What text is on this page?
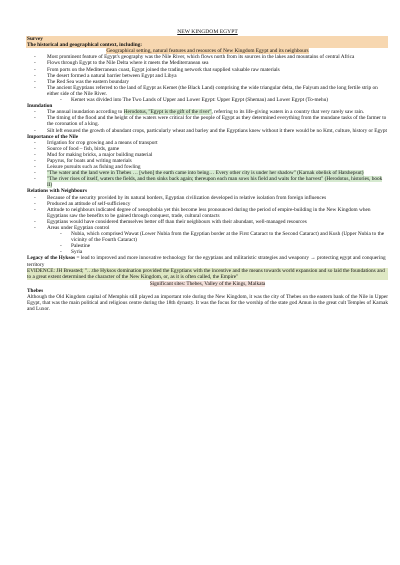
NEW KINGDOM EGYPT
Survey
The historical and geographical context, including:
Geographical setting, natural features and resources of New Kingdom Egypt and its neighbours
- Most prominent feature of Egypt's geography was the Nile River, which flows north from its sources in the lakes and mountains of central Africa
- Flows through Egypt to the Nile Delta where it meets the Mediterranean sea
- From ports on the Mediterranean coast, Egypt joined the trading network that supplied valuable raw materials
- The desert formed a natural barrier between Egypt and Libya
- The Red Sea was the eastern boundary
- The ancient Egyptians referred to the land of Egypt as Kemet (the Black Land) comprising the wide triangular delta, the Faiyum and the long fertile strip on either side of the Nile River.
- Kemet was divided into The Two Lands of Upper and Lower Egypt: Upper Egypt (Shemau) and Lower Egypt (To-mehu)
Inundation
- The annual inundation according to Herodotus, "Egypt is the gift of the river", referring to its life-giving waters in a country that very rarely saw rain.
- The timing of the flood and the height of the waters were critical for the people of Egypt as they determined everything from the mundane tasks of the farmer to the coronation of a king.
- Silt left ensured the growth of abundant crops, particularly wheat and barley and the Egyptians knew without it there would be no Kmt, culture, history or Egypt
Importance of the Nile
- Irrigation for crop growing and a means of transport
- Source of food – fish, birds, game
- Mud for making bricks, a major building material
- Papyrus, for boats and writing materials
- Leisure pursuits such as fishing and fowling
- "The water and the land were in Thebes … [when] the earth came into being… Every other city is under her shadow" (Karnak obelisk of Hatshepsut)
- "The river rises of itself, waters the fields, and then sinks back again; thereupon each man sows his field and waits for the harvest" (Herodotus, histories, book II)
Relations with Neighbours
- Because of the security provided by its natural borders, Egyptian civilization developed in relative isolation from foreign influences
- Produced an attitude of self-sufficiency
- Attitude to neighbours indicated degree of xenophobia yet this become less pronounced during the period of empire-building in the New Kingdom when Egyptians saw the benefits to be gained through conquest, trade, cultural contacts
- Egyptians would have considered themselves better off than their neighbours with their abundant, well-managed resources
- Areas under Egyptian control
- Nubia, which comprised Wawat (Lower Nubia from the Egyptian border at the First Cataract to the Second Cataract) and Kush (Upper Nubia to the vicinity of the Fourth Cataract)
- Palestine
- Syria
Legacy of the Hyksos = lead to improved and more innovative technology for the egyptians and militaristic strategies and weaponry → protecting egypt and conquering territory
EVIDENCE: JH Breasted; "…the Hyksos domination provided the Egyptians with the incentive and the means towards world expansion and so laid the foundations and to a great extent determined the character of the New Kingdom, or, as it is often called, the Empire"
Significant sites: Thebes, Valley of the Kings, Malkata
Thebes
Although the Old Kingdom capital of Memphis still played an important role during the New Kingdom, it was the city of Thebes on the eastern bank of the Nile in Upper Egypt, that was the main political and religious centre during the 18th dynasty. It was the focus for the worship of the state god Amun in the great cult Temples of Karnak and Luxor.
